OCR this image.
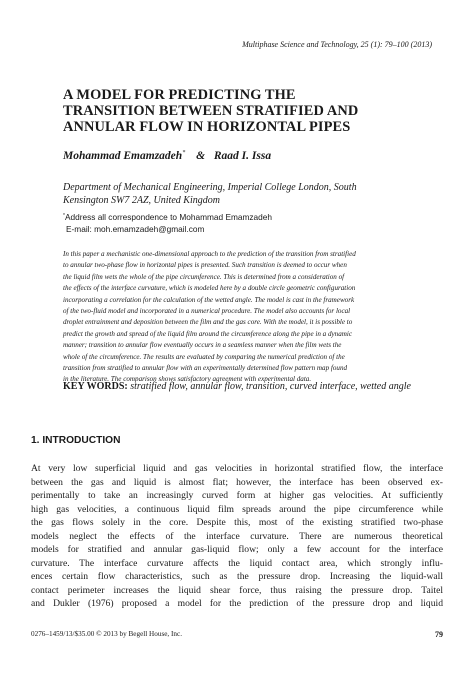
Multiphase Science and Technology, 25 (1): 79–100 (2013)
A MODEL FOR PREDICTING THE
TRANSITION BETWEEN STRATIFIED AND
ANNULAR FLOW IN HORIZONTAL PIPES
Mohammad Emamzadeh* & Raad I. Issa
Department of Mechanical Engineering, Imperial College London, South
Kensington SW7 2AZ, United Kingdom
*Address all correspondence to Mohammad Emamzadeh
E-mail: moh.emamzadeh@gmail.com
In this paper a mechanistic one-dimensional approach to the prediction of the transition from stratified
to annular two-phase flow in horizontal pipes is presented. Such transition is deemed to occur when
the liquid film wets the whole of the pipe circumference. This is determined from a consideration of
the effects of the interface curvature, which is modeled here by a double circle geometric configuration
incorporating a correlation for the calculation of the wetted angle. The model is cast in the framework
of the two-fluid model and incorporated in a numerical procedure. The model also accounts for local
droplet entrainment and deposition between the film and the gas core. With the model, it is possible to
predict the growth and spread of the liquid film around the circumference along the pipe in a dynamic
manner; transition to annular flow eventually occurs in a seamless manner when the film wets the
whole of the circumference. The results are evaluated by comparing the numerical prediction of the
transition from stratified to annular flow with an experimentally determined flow pattern map found
in the literature. The comparison shows satisfactory agreement with experimental data.
KEY WORDS: stratified flow, annular flow, transition, curved interface, wetted angle
1. INTRODUCTION
At very low superficial liquid and gas velocities in horizontal stratified flow, the interface
between the gas and liquid is almost flat; however, the interface has been observed ex-
perimentally to take an increasingly curved form at higher gas velocities. At sufficiently
high gas velocities, a continuous liquid film spreads around the pipe circumference while
the gas flows solely in the core. Despite this, most of the existing stratified two-phase
models neglect the effects of the interface curvature. There are numerous theoretical
models for stratified and annular gas-liquid flow; only a few account for the interface
curvature. The interface curvature affects the liquid contact area, which strongly influ-
ences certain flow characteristics, such as the pressure drop. Increasing the liquid-wall
contact perimeter increases the liquid shear force, thus raising the pressure drop. Taitel
and Dukler (1976) proposed a model for the prediction of the pressure drop and liquid
0276–1459/13/$35.00 © 2013 by Begell House, Inc.	79
